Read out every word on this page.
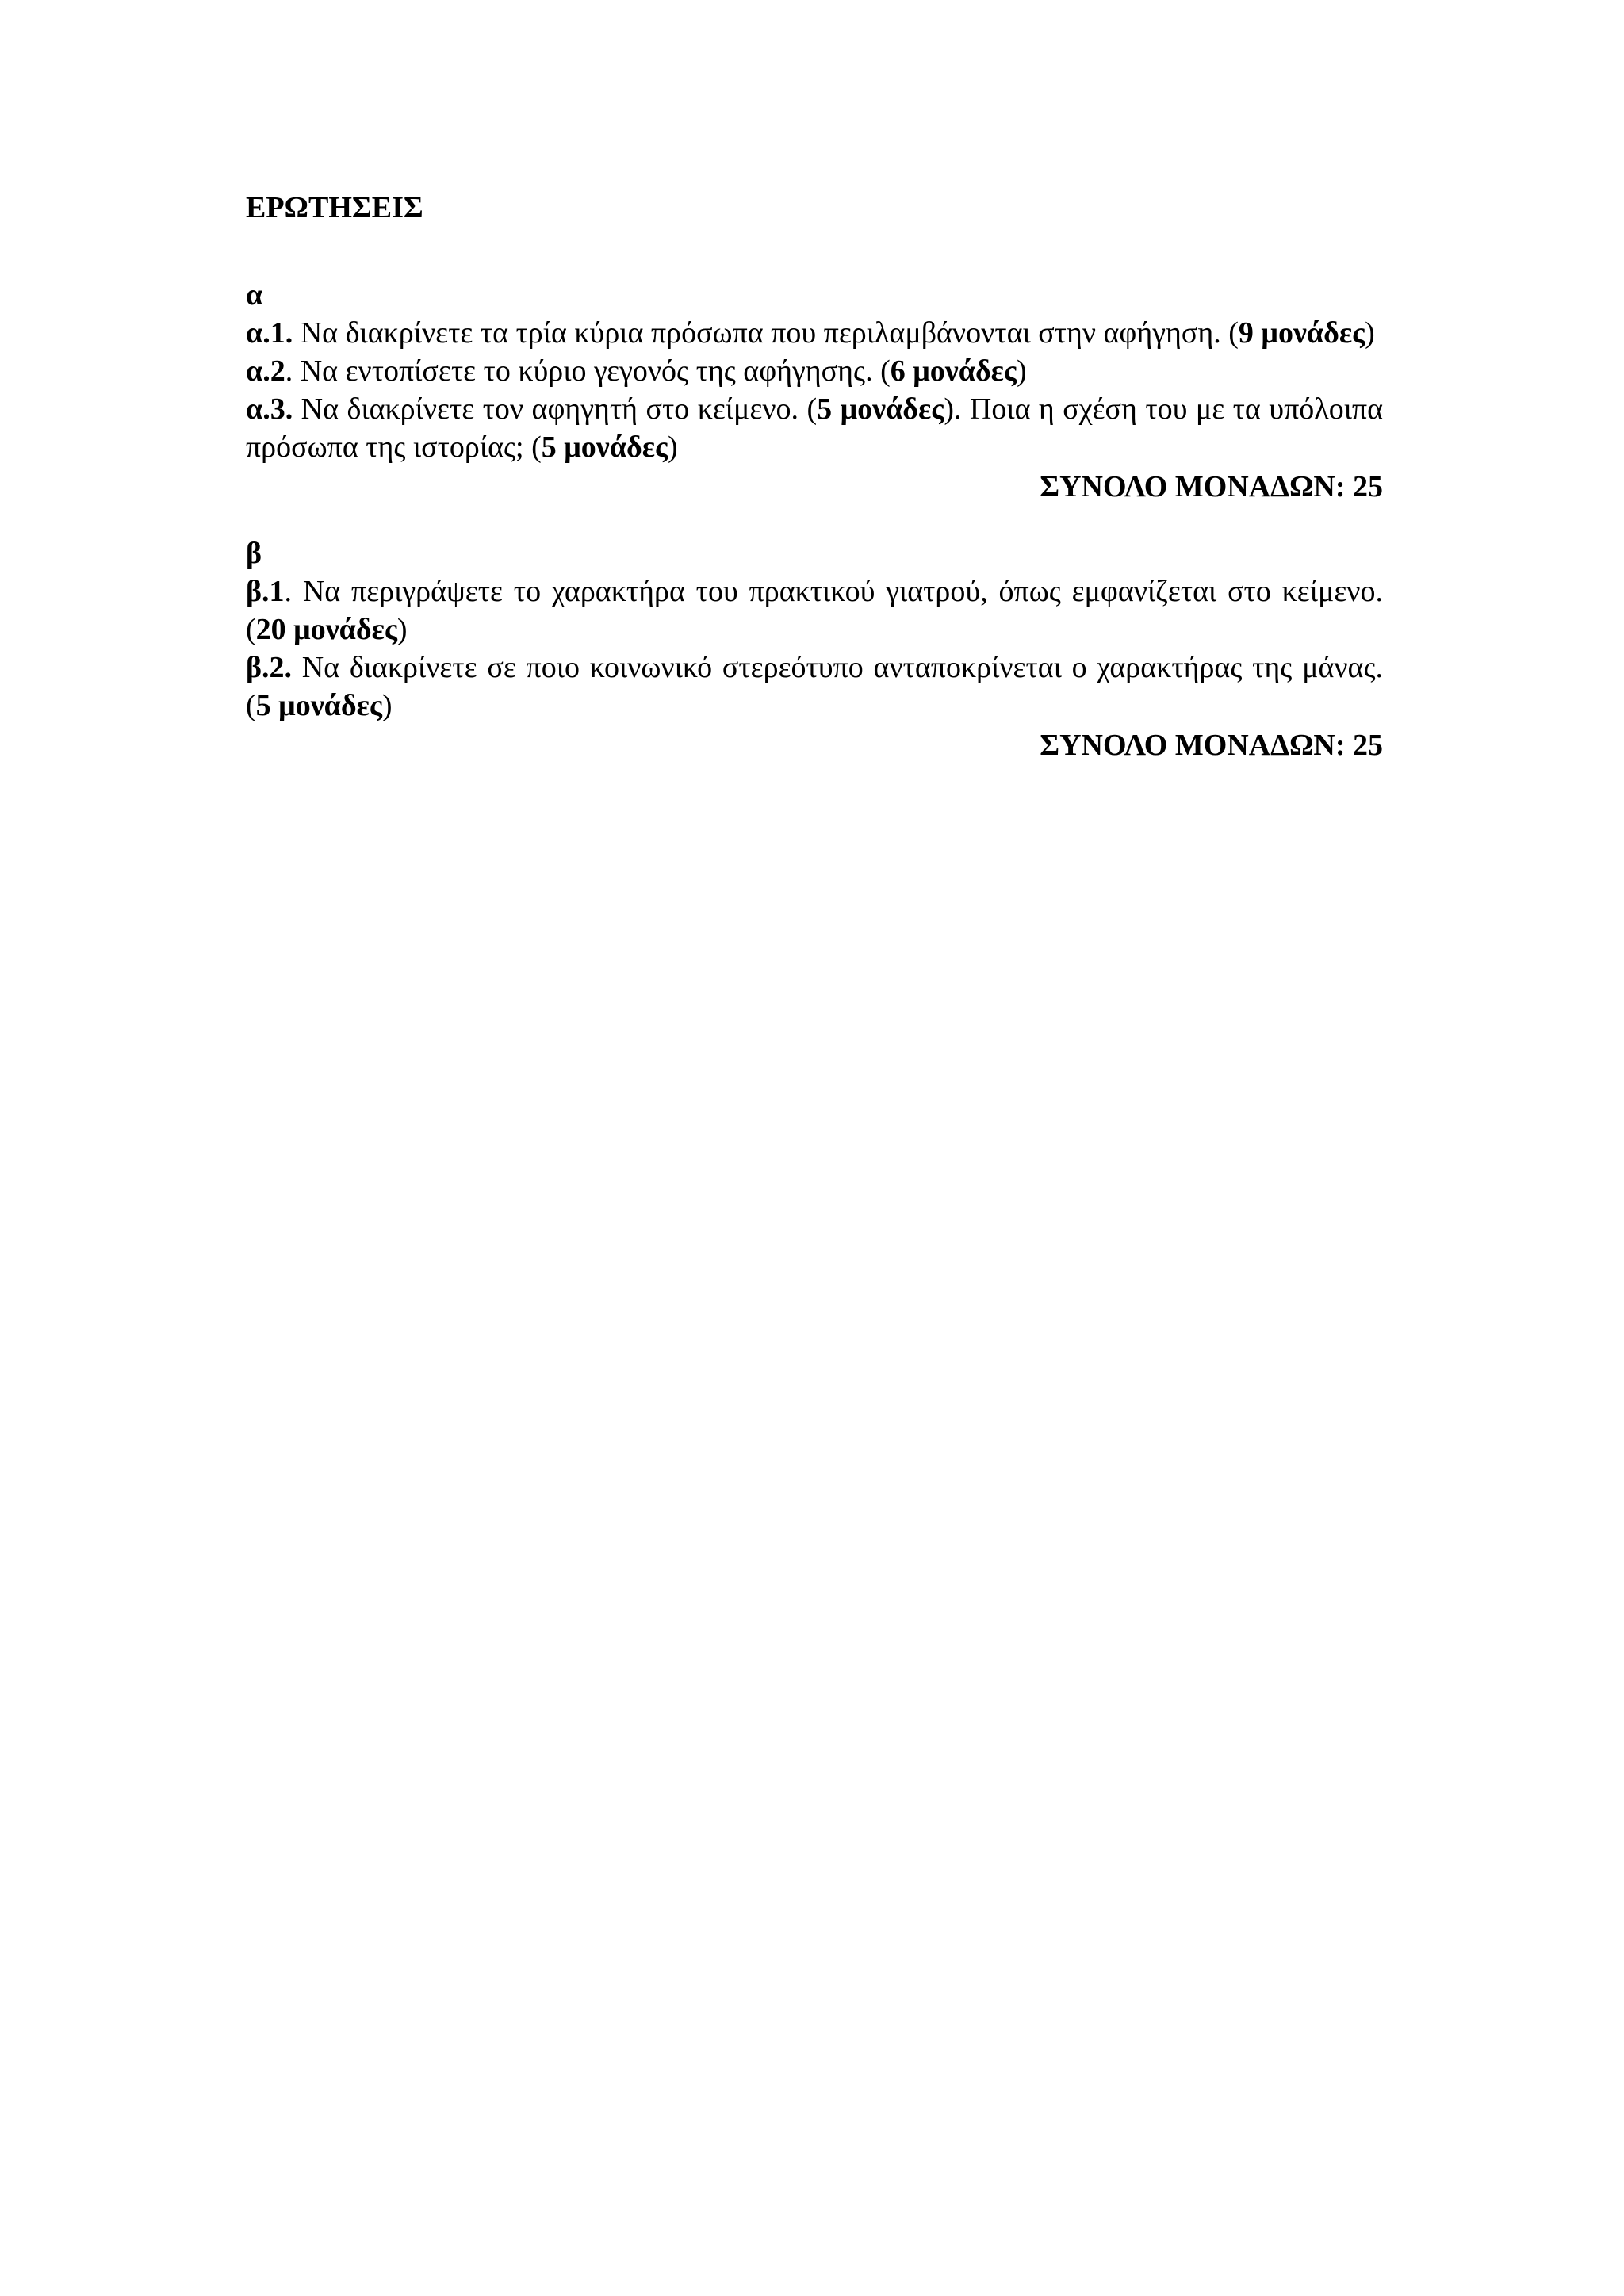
ΕΡΩΤΗΣΕΙΣ

α

α.1. Να διακρίνετε τα τρία κύρια πρόσωπα που περιλαμβάνονται στην αφήγηση. (9 μονάδες)

α.2. Να εντοπίσετε το κύριο γεγονός της αφήγησης. (6 μονάδες)

α.3. Να διακρίνετε τον αφηγητή στο κείμενο. (5 μονάδες). Ποια η σχέση του με τα υπόλοιπα πρόσωπα της ιστορίας; (5 μονάδες)

ΣΥΝΟΛΟ ΜΟΝΑΔΩΝ: 25

β

β.1. Να περιγράψετε το χαρακτήρα του πρακτικού γιατρού, όπως εμφανίζεται στο κείμενο. (20 μονάδες)

β.2. Να διακρίνετε σε ποιο κοινωνικό στερεότυπο ανταποκρίνεται ο χαρακτήρας της μάνας. (5 μονάδες)

ΣΥΝΟΛΟ ΜΟΝΑΔΩΝ: 25
